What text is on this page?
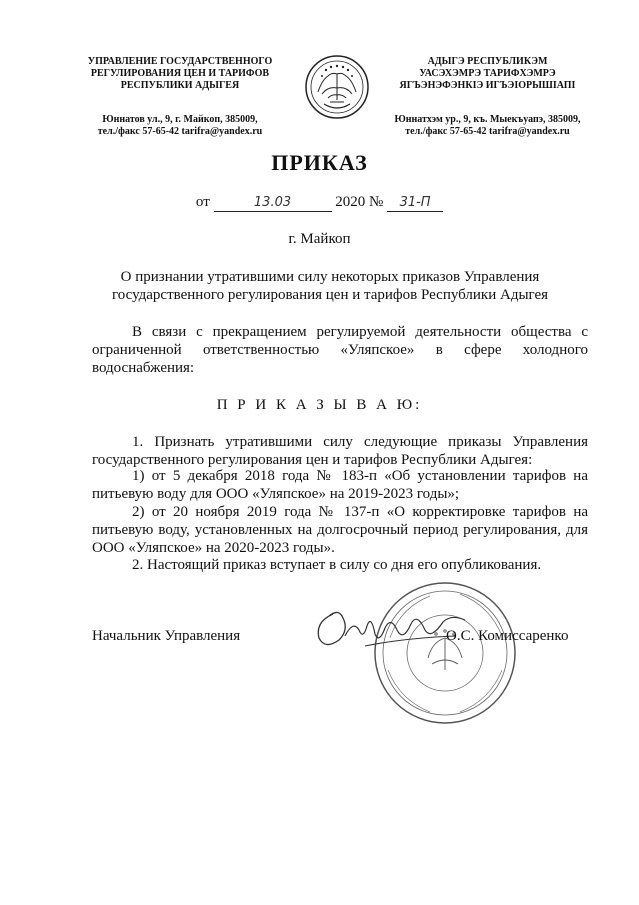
УПРАВЛЕНИЕ ГОСУДАРСТВЕННОГО
РЕГУЛИРОВАНИЯ ЦЕН И ТАРИФОВ
РЕСПУБЛИКИ АДЫГЕЯ
Юннатов ул., 9, г. Майкоп, 385009,
тел./факс 57-65-42 tarifra@yandex.ru
АДЫГЭ РЕСПУБЛИКЭМ
УАСЭХЭМРЭ ТАРИФХЭМРЭ
ЯГЪЭНЭФЭНКIЭ ИГЪЭIОРЫШIАПI
Юннатхэм ур., 9, къ. Мыекъуапэ, 385009,
тел./факс 57-65-42 tarifra@yandex.ru
ПРИКАЗ
от	13.03	2020 № 31-П
г. Майкоп
О признании утратившими силу некоторых приказов Управления государственного регулирования цен и тарифов Республики Адыгея
В связи с прекращением регулируемой деятельности общества с ограниченной ответственностью «Уляпское» в сфере холодного водоснабжения:
П Р И К А З Ы В А Ю:
1. Признать утратившими силу следующие приказы Управления государственного регулирования цен и тарифов Республики Адыгея:
1) от 5 декабря 2018 года № 183-п «Об установлении тарифов на питьевую воду для ООО «Уляпское» на 2019-2023 годы»;
2) от 20 ноября 2019 года № 137-п «О корректировке тарифов на питьевую воду, установленных на долгосрочный период регулирования, для ООО «Уляпское» на 2020-2023 годы».
2. Настоящий приказ вступает в силу со дня его опубликования.
Начальник Управления	О.С. Комиссаренко
